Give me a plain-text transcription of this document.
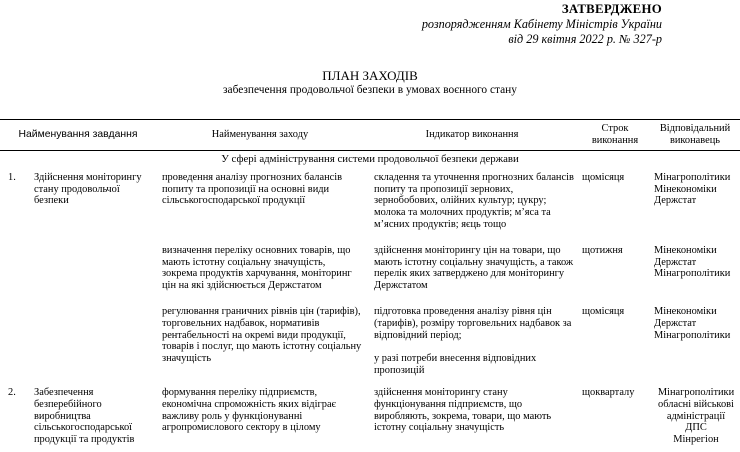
ЗАТВЕРДЖЕНО
розпорядженням Кабінету Міністрів України
від 29 квітня 2022 р. № 327-р
ПЛАН ЗАХОДІВ
забезпечення продовольчої безпеки в умовах воєнного стану
Найменування завдання		Найменування заходу	Індикатор виконання	Строк виконання	Відповідальний виконавець
У сфері адміністрування системи продовольчої безпеки держави					
1.	Здійснення моніторингу стану продовольчої безпеки	проведення аналізу прогнозних балансів попиту та пропозиції на основні види сільськогосподарської продукції	складення та уточнення прогнозних балансів попиту та пропозиції зернових, зернобобових, олійних культур; цукру; молока та молочних продуктів; м’яса та м’ясних продуктів; яєць тощо	щомісяця	Мінагрополітики
Мінекономіки
Держстат

		визначення переліку основних товарів, що мають істотну соціальну значущість, зокрема продуктів харчування, моніторинг цін на які здійснюється Держстатом	здійснення моніторингу цін на товари, що мають істотну соціальну значущість, а також перелік яких затверджено для моніторингу Держстатом	щотижня	Мінекономіки
Держстат
Мінагрополітики

		регулювання граничних рівнів цін (тарифів), торговельних надбавок, нормативів рентабельності на окремі види продукції, товарів і послуг, що мають істотну соціальну значущість	підготовка проведення аналізу рівня цін (тарифів), розміру торговельних надбавок за відповідний період;
у разі потреби внесення відповідних пропозицій	щомісяця	Мінекономіки
Держстат
Мінагрополітики

2.	Забезпечення безперебійного виробництва сільськогосподарської продукції та продуктів	формування переліку підприємств, економічна спроможність яких відіграє важливу роль у функціонуванні агропромислового сектору в цілому	здійснення моніторингу стану функціонування підприємств, що виробляють, зокрема, товари, що мають істотну соціальну значущість	щокварталу	Мінагрополітики
обласні військові адміністрації
ДПС
Мінрегіон
